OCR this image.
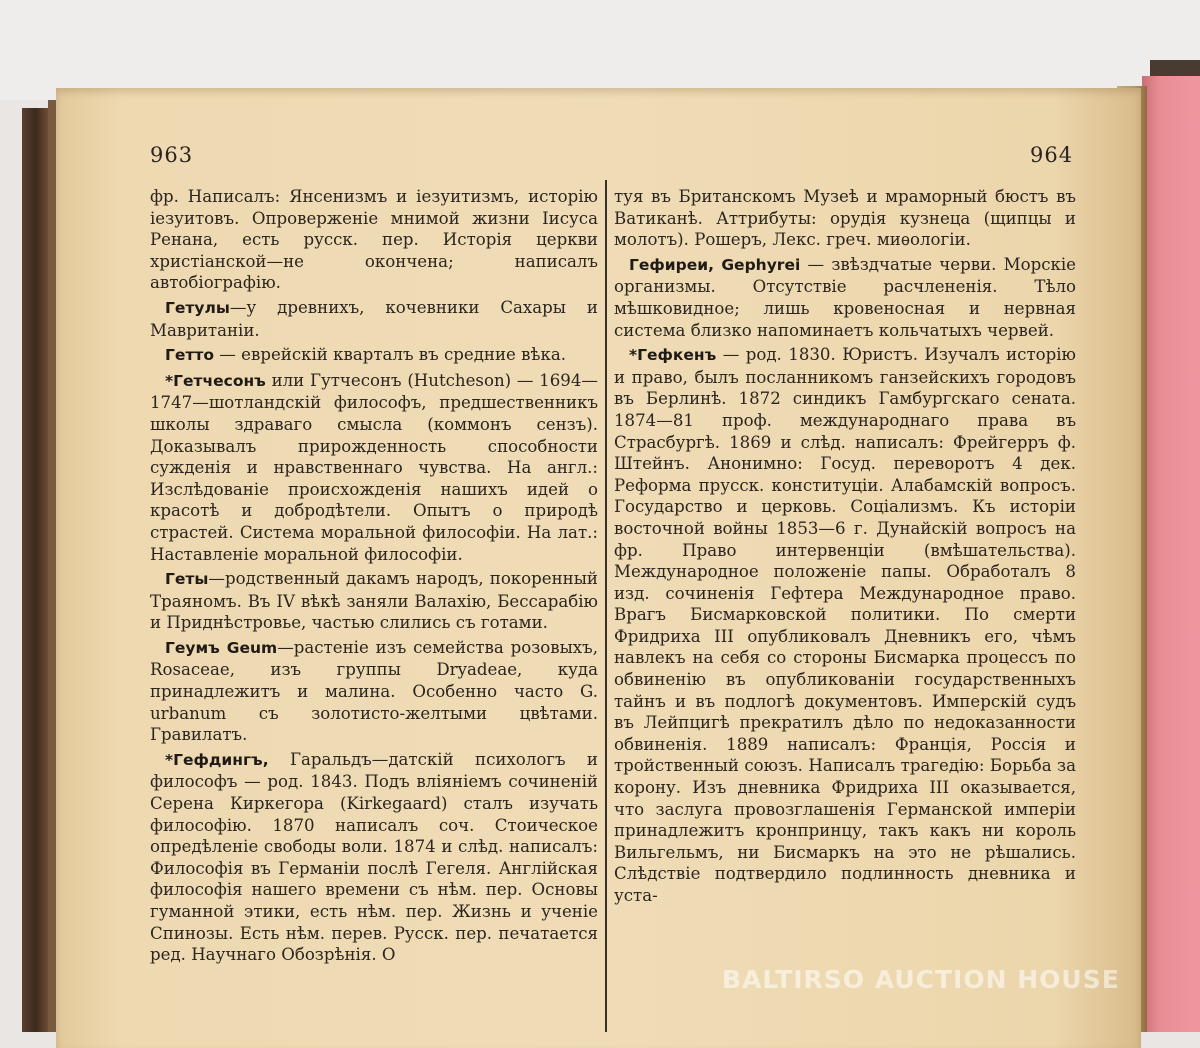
963	964

фр. Написалъ: Янсенизмъ и iезуитизмъ, исторiю iезуитовъ. Опроверженiе мнимой жизни Iисуса Ренана, есть русск. пер. Исторiя церкви христiанской—не окончена; написалъ автобiографiю.

Гетулы—у древнихъ, кочевники Сахары и Мавританiи.

Гетто — еврейскiй кварталъ въ средние вѣка.

*Гетчесонъ или Гутчесонъ (Hutcheson) — 1694—1747—шотландскiй философъ, предшественникъ школы здраваго смысла (коммонъ сензъ). Доказывалъ прирожденность способности сужденiя и нравственнаго чувства. На англ.: Изслѣдованiе происхожденiя нашихъ идей о красотѣ и добродѣтели. Опытъ о природѣ страстей. Система моральной философiи. На лат.: Наставленiе моральной философiи.

Геты—родственный дакамъ народъ, покоренный Траяномъ. Въ IV вѣкѣ заняли Валахiю, Бессарабiю и Приднѣстровье, частью слились съ готами.

Геумъ Geum—растенiе изъ семейства розовыхъ, Rosaceae, изъ группы Dryadeae, куда принадлежитъ и малина. Особенно часто G. urbanum съ золотисто-желтыми цвѣтами. Гравилатъ.

*Гефдингъ, Гаральдъ—датскiй психологъ и философъ — род. 1843. Подъ влiянiемъ сочиненiй Серена Киркегора (Kirkegaard) сталъ изучать философiю. 1870 написалъ соч. Стоическое опредѣленiе свободы воли. 1874 и слѣд. написалъ: Философiя въ Германiи послѣ Гегеля. Англiйская философiя нашего времени съ нѣм. пер. Основы гуманной этики, есть нѣм. пер. Жизнь и ученiе Спинозы. Есть нѣм. перев. Русск. пер. печатается ред. Научнаго Обозрѣнiя. О

туя въ Британскомъ Музеѣ и мраморный бюстъ въ Ватиканѣ. Аттрибуты: орудiя кузнеца (щипцы и молотъ). Рошеръ, Лекс. греч. миѳологiи.

Гефиреи, Gephyrei — звѣздчатые черви. Морскiе организмы. Отсутствiе расчлененiя. Тѣло мѣшковидное; лишь кровеносная и нервная система близко напоминаетъ кольчатыхъ червей.

*Гефкенъ — род. 1830. Юристъ. Изучалъ исторiю и право, былъ посланникомъ ганзейскихъ городовъ въ Берлинѣ. 1872 синдикъ Гамбургскаго сената. 1874—81 проф. международнаго права въ Страсбургѣ. 1869 и слѣд. написалъ: Фрейгерръ ф. Штейнъ. Анонимно: Госуд. переворотъ 4 дек. Реформа прусск. конституцiи. Алабамскiй вопросъ. Государство и церковь. Соцiализмъ. Къ исторiи восточной войны 1853—6 г. Дунайскiй вопросъ на фр. Право интервенцiи (вмѣшательства). Международное положенiе папы. Обработалъ 8 изд. сочиненiя Гефтера Международное право. Врагъ Бисмарковской политики. По смерти Фридриха III опубликовалъ Дневникъ его, чѣмъ навлекъ на себя со стороны Бисмарка процессъ по обвиненiю въ опубликованiи государственныхъ тайнъ и въ подлогѣ документовъ. Имперскiй судъ въ Лейпцигѣ прекратилъ дѣло по недоказанности обвиненiя. 1889 написалъ: Францiя, Россiя и тройственный союзъ. Написалъ трагедiю: Борьба за корону. Изъ дневника Фридриха III оказывается, что заслуга провозглашенiя Германской имперiи принадлежитъ кронпринцу, такъ какъ ни король Вильгельмъ, ни Бисмаркъ на это не рѣшались. Слѣдствiе подтвердило подлинность дневника и уста-

BALTIRSO AUCTION HOUSE
